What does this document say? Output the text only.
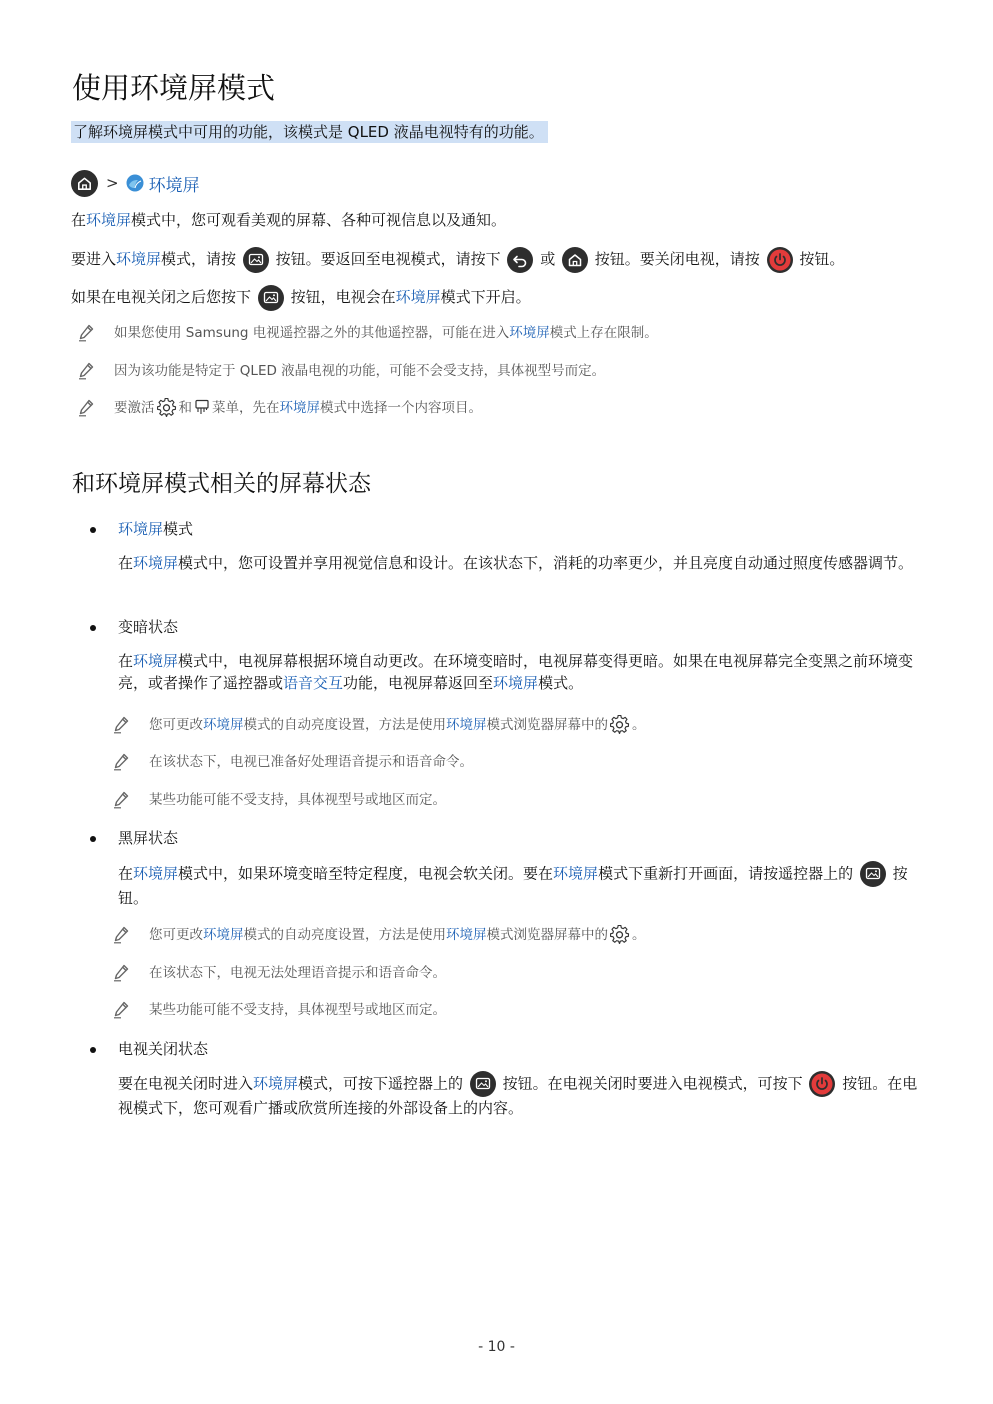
使用环境屏模式
了解环境屏模式中可用的功能，该模式是 QLED 液晶电视特有的功能。
> 环境屏
在环境屏模式中，您可观看美观的屏幕、各种可视信息以及通知。
要进入环境屏模式，请按	按钮。要返回至电视模式，请按下	或	按钮。要关闭电视，请按	按钮。
如果在电视关闭之后您按下	按钮，电视会在环境屏模式下开启。
如果您使用 Samsung 电视遥控器之外的其他遥控器，可能在进入 环境屏 模式上存在限制。
因为该功能是特定于 QLED 液晶电视的功能，可能不会受支持，具体视型号而定。
要激活 和 菜单，先在 环境屏 模式中选择一个内容项目。
和环境屏模式相关的屏幕状态
环境屏模式
在环境屏模式中，您可设置并享用视觉信息和设计。在该状态下，消耗的功率更少，并且亮度自动通过照度传感器调节。
变暗状态
在环境屏模式中，电视屏幕根据环境自动更改。在环境变暗时，电视屏幕变得更暗。如果在电视屏幕完全变黑之前环境变亮，或者操作了遥控器或语音交互功能，电视屏幕返回至环境屏模式。
您可更改 环境屏 模式的自动亮度设置，方法是使用 环境屏 模式浏览器屏幕中的 。
在该状态下，电视已准备好处理语音提示和语音命令。
某些功能可能不受支持，具体视型号或地区而定。
黑屏状态
在环境屏模式中，如果环境变暗至特定程度，电视会软关闭。要在环境屏模式下重新打开画面，请按遥控器上的	按钮。
您可更改 环境屏 模式的自动亮度设置，方法是使用 环境屏 模式浏览器屏幕中的 。
在该状态下，电视无法处理语音提示和语音命令。
某些功能可能不受支持，具体视型号或地区而定。
电视关闭状态
要在电视关闭时进入环境屏模式，可按下遥控器上的	按钮。在电视关闭时要进入电视模式，可按下	按钮。在电视模式下，您可观看广播或欣赏所连接的外部设备上的内容。
- 10 -
